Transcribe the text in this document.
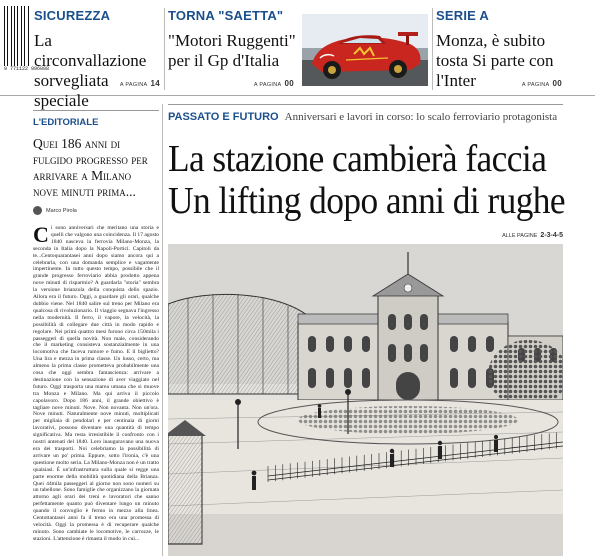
9 771122 996008
SICUREZZA
La circonvallazione sorvegliata speciale
A PAGINA 14
TORNA "SAETTA"
"Motori Ruggenti" per il Gp d'Italia
A PAGINA 00
SERIE A
Monza, è subito tosta Si parte con l'Inter	A PAGINA 00
L'EDITORIALE
Quei 186 anni di fulgido progresso per arrivare a Milano nove minuti prima...
Marco Pirola
C i sono anniversari che meritano una storia e quelli che valgono una coincidenza. Il 17 agosto 1840 nasceva la ferrovia Milano-Monza, la seconda in Italia dopo la Napoli-Portici. Capitoli da te...Centoquarantasei anni dopo siamo ancora qui a celebrarla, con una domanda semplice e vagamente impertinente. In tutto questo tempo, possibile che il grande progresso ferroviario abbia prodotto appena nove minuti di risparmio? A guardarla "storia" sembra la versione brianzola della conquista dello spazio. Allora era il futuro. Oggi, a guardare gli orari, qualche dubbio viene. Nel 1840 salire sul treno per Milano era qualcosa di rivoluzionario. Il viaggio segnava l'ingresso nella modernità. Il ferro, il vapore, la velocità, la possibilità di collegare due città in modo rapido e regolare. Nei primi quattro mesi furono circa 150mila i passeggeri di quella novità. Non male, considerando che il marketing consisteva sostanzialmente in una locomotiva che faceva rumore e fumo. E il biglietto? Una lira e mezza in prima classe. Un lusso, certo, ma almeno la prima classe prometteva probabilmente una cosa che oggi sembra fantascienza: arrivare a destinazione con la sensazione di aver viaggiato nel futuro. Oggi trasporta una marea umana che si muove tra Monza e Milano. Ma qui arriva il piccolo capolavoro. Dopo 186 anni, il grande obiettivo è tagliare nove minuti. Nove. Non novanta. Non un'ora. Nove minuti. Naturalmente nove minuti, moltiplicati per migliaia di pendolari e per centinaia di giorni lavorativi, possono diventare una quantità di tempo significativa. Ma resta irresistibile il confronto con i nostri antenati del 1840. Loro inauguravano una nuova era dei trasporti. Noi celebriamo la possibilità di arrivare un po' prima. Eppure, sotto l'ironia, c'è una questione molto seria. La Milano-Monza non è un tratto qualsiasi. È un'infrastruttura sulla quale si regge una parte enorme della mobilità quotidiana della Brianza. Quei 44mila passeggeri al giorno non sono numeri su un tabellone. Sono famiglie che organizzano la giornata attorno agli orari dei treni e lavoratori che sanno perfettamente quanto può diventare lungo un minuto quando il convoglio è fermo in mezzo alla linea. Centottantasei anni fa il treno era una promessa di velocità. Oggi la promessa è di recuperare qualche minuto. Sono cambiate le locomotive, le carrozze, le stazioni. L'attenzione è rimasta il modo in cui...
PASSATO E FUTURO Anniversari e lavori in corso: lo scalo ferroviario protagonista
La stazione cambierà faccia
Un lifting dopo anni di rughe
ALLE PAGINE 2-3-4-5
